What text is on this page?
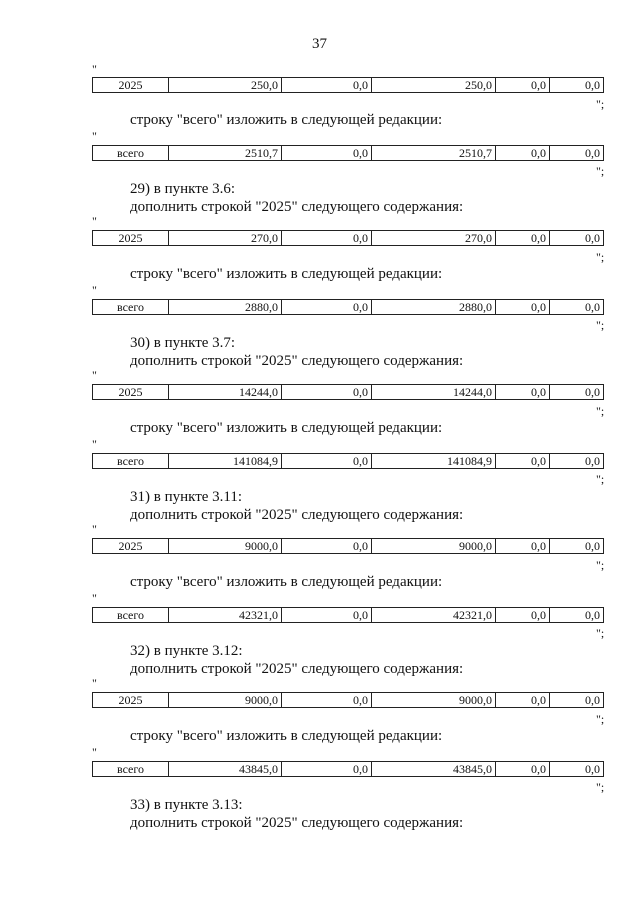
37
"
2025	250,0	0,0	250,0	0,0	0,0
";
строку "всего" изложить в следующей редакции:
"
всего	2510,7	0,0	2510,7	0,0	0,0
";
29) в пункте 3.6:
дополнить строкой "2025" следующего содержания:
"
2025	270,0	0,0	270,0	0,0	0,0
";
строку "всего" изложить в следующей редакции:
"
всего	2880,0	0,0	2880,0	0,0	0,0
";
30) в пункте 3.7:
дополнить строкой "2025" следующего содержания:
"
2025	14244,0	0,0	14244,0	0,0	0,0
";
строку "всего" изложить в следующей редакции:
"
всего	141084,9	0,0	141084,9	0,0	0,0
";
31) в пункте 3.11:
дополнить строкой "2025" следующего содержания:
"
2025	9000,0	0,0	9000,0	0,0	0,0
";
строку "всего" изложить в следующей редакции:
"
всего	42321,0	0,0	42321,0	0,0	0,0
";
32) в пункте 3.12:
дополнить строкой "2025" следующего содержания:
"
2025	9000,0	0,0	9000,0	0,0	0,0
";
строку "всего" изложить в следующей редакции:
"
всего	43845,0	0,0	43845,0	0,0	0,0
";
33) в пункте 3.13:
дополнить строкой "2025" следующего содержания:
